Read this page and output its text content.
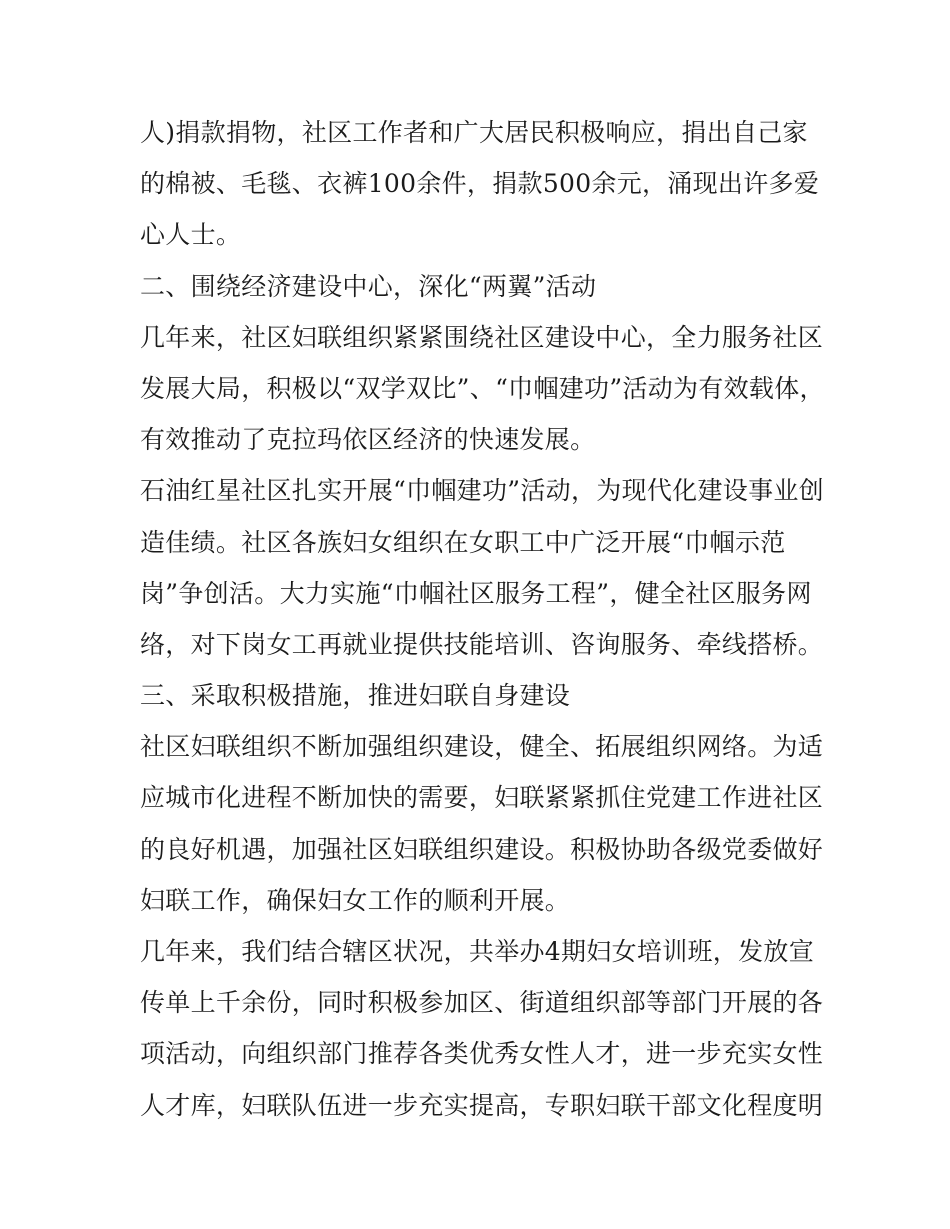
人)捐款捐物，社区工作者和广大居民积极响应，捐出自己家
的棉被、毛毯、衣裤100余件，捐款500余元，涌现出许多爱
心人士。
二、围绕经济建设中心，深化“两翼”活动
几年来，社区妇联组织紧紧围绕社区建设中心，全力服务社区
发展大局，积极以“双学双比”、“巾帼建功”活动为有效载体，
有效推动了克拉玛依区经济的快速发展。
石油红星社区扎实开展“巾帼建功”活动，为现代化建设事业创
造佳绩。社区各族妇女组织在女职工中广泛开展“巾帼示范
岗”争创活。大力实施“巾帼社区服务工程”，健全社区服务网
络，对下岗女工再就业提供技能培训、咨询服务、牵线搭桥。
三、采取积极措施，推进妇联自身建设
社区妇联组织不断加强组织建设，健全、拓展组织网络。为适
应城市化进程不断加快的需要，妇联紧紧抓住党建工作进社区
的良好机遇，加强社区妇联组织建设。积极协助各级党委做好
妇联工作，确保妇女工作的顺利开展。
几年来，我们结合辖区状况，共举办4期妇女培训班，发放宣
传单上千余份，同时积极参加区、街道组织部等部门开展的各
项活动，向组织部门推荐各类优秀女性人才，进一步充实女性
人才库，妇联队伍进一步充实提高，专职妇联干部文化程度明
